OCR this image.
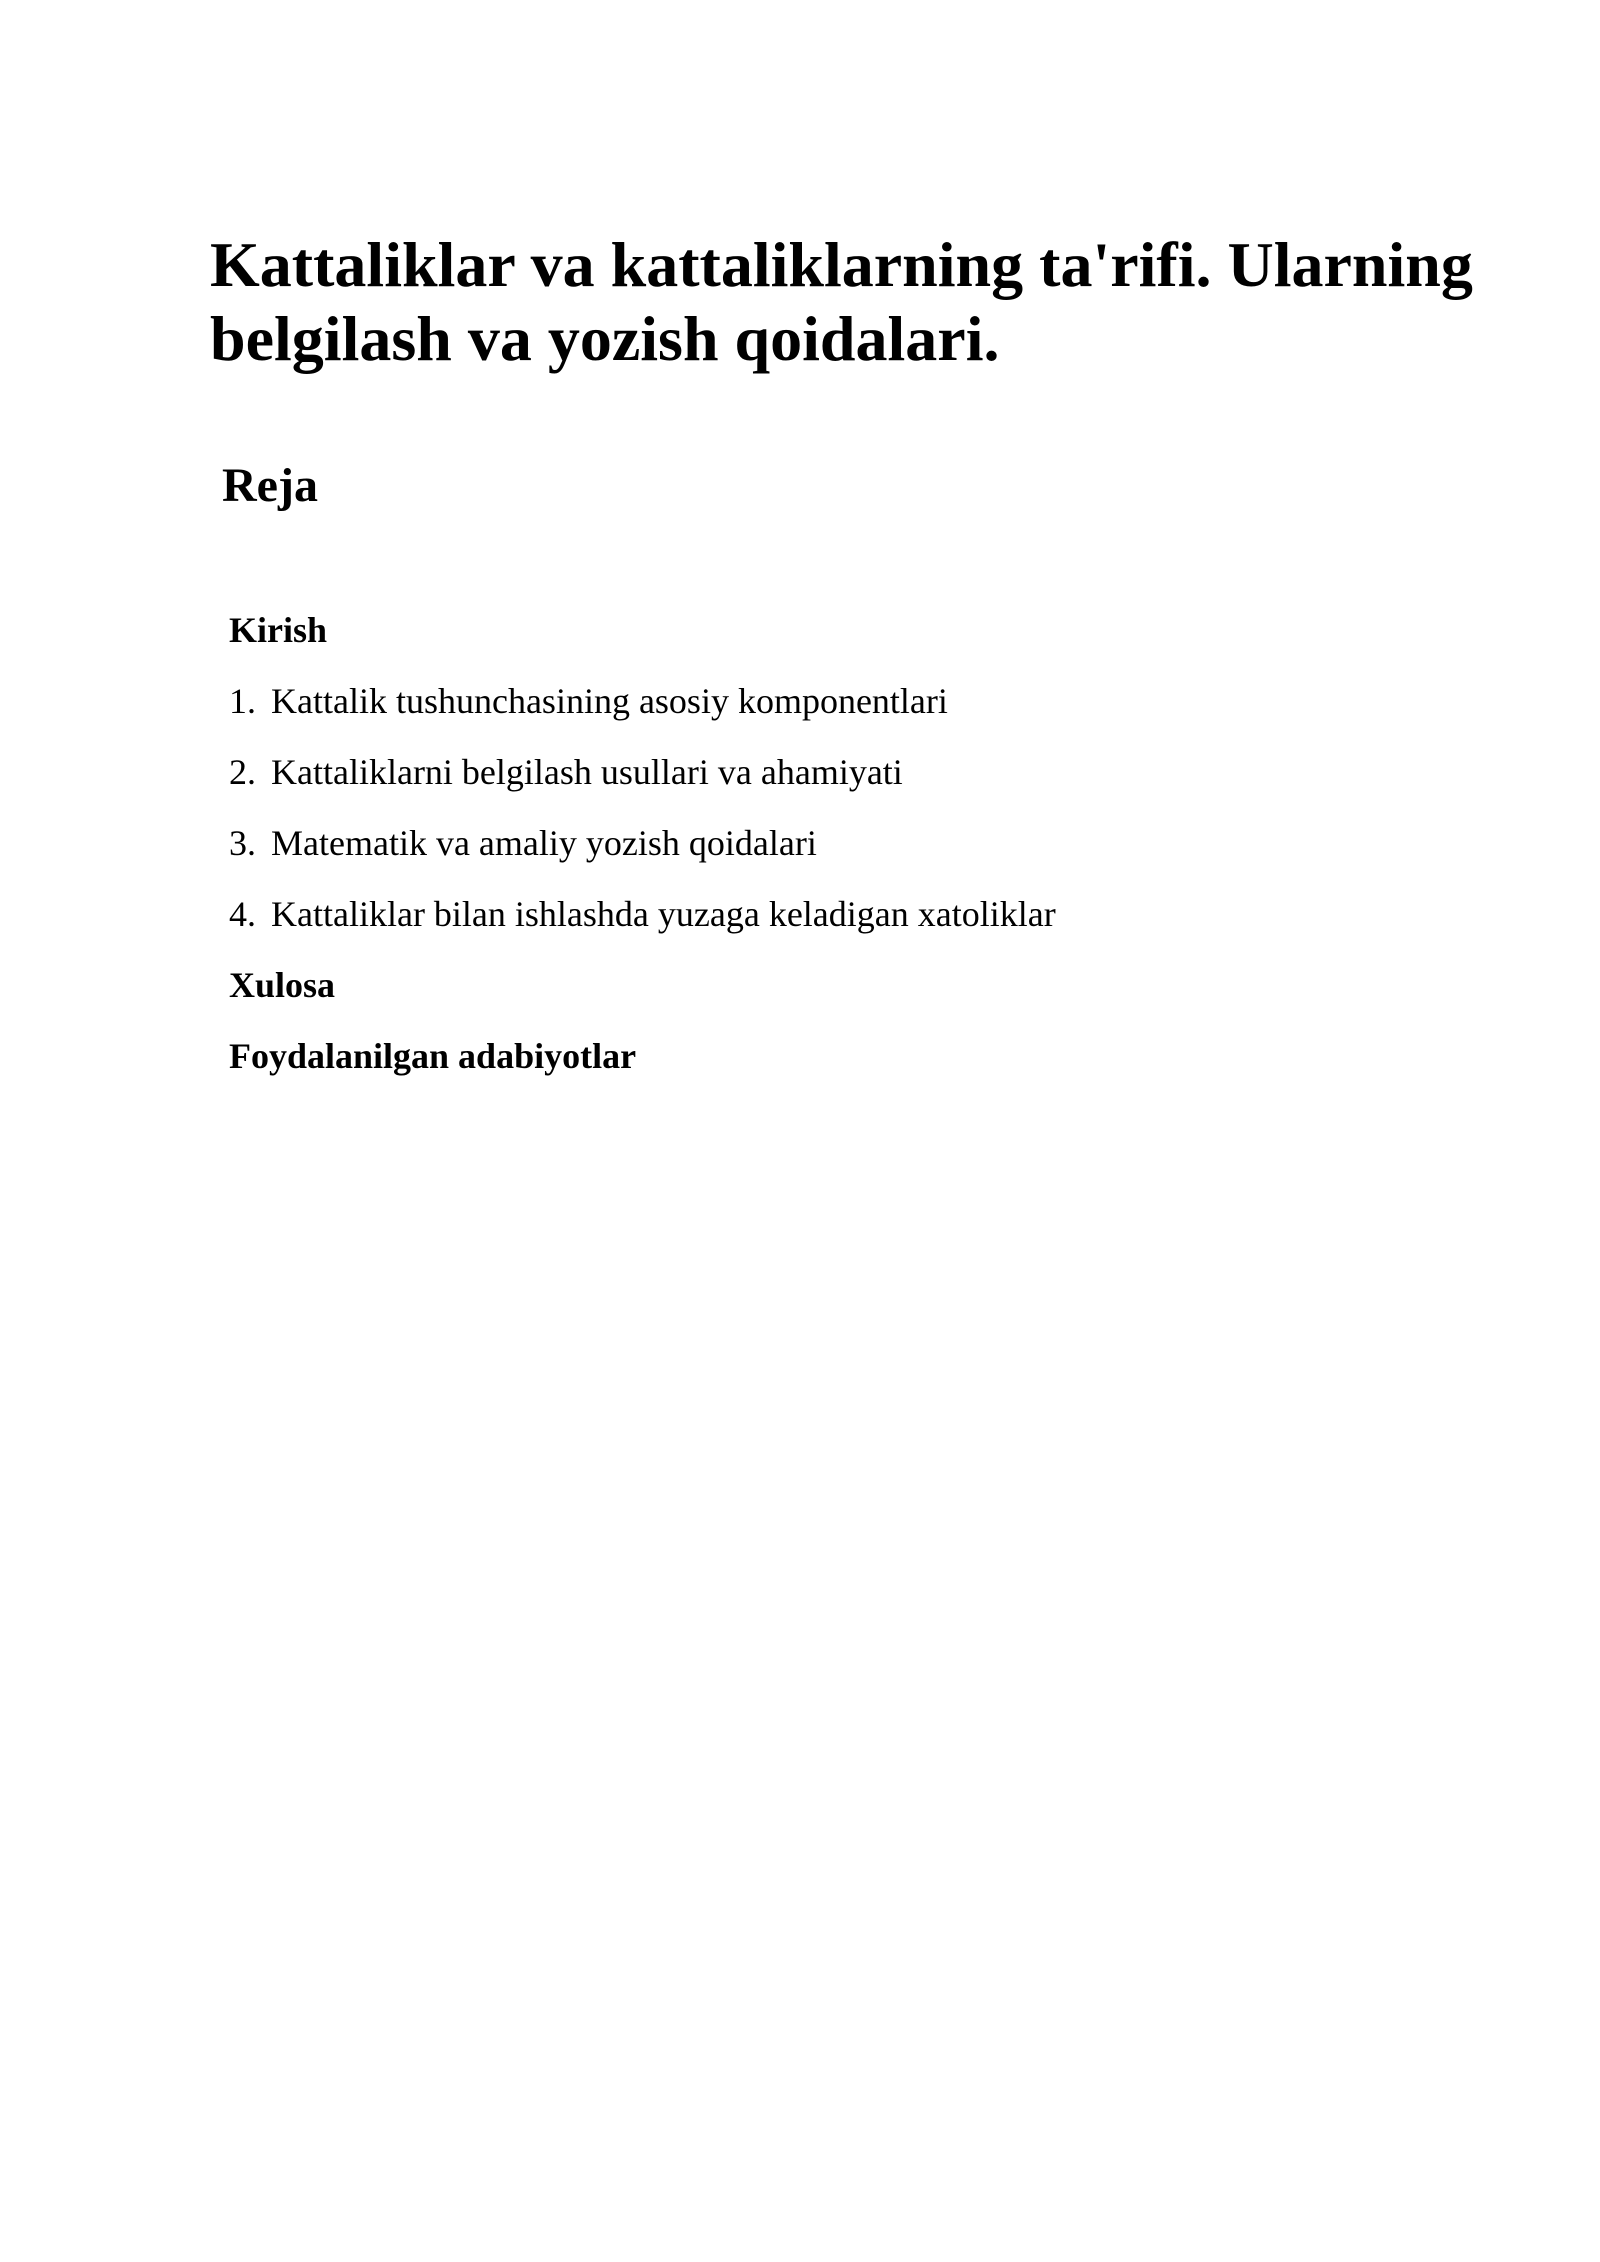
Kattaliklar va kattaliklarning ta'rifi. Ularning belgilash va yozish qoidalari.
Reja
Kirish
1. Kattalik tushunchasining asosiy komponentlari
2. Kattaliklarni belgilash usullari va ahamiyati
3. Matematik va amaliy yozish qoidalari
4. Kattaliklar bilan ishlashda yuzaga keladigan xatoliklar
Xulosa
Foydalanilgan adabiyotlar
